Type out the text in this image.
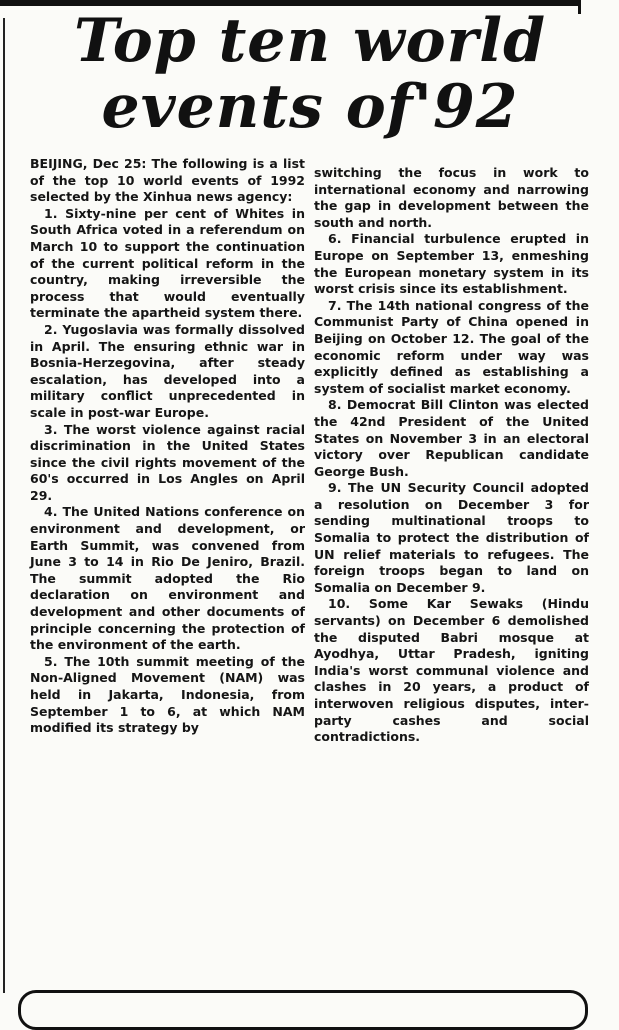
Top ten world
events of'92

BEIJING, Dec 25: The following is a list of the top 10 world events of 1992 selected by the Xinhua news agency:

1. Sixty-nine per cent of Whites in South Africa voted in a referendum on March 10 to support the continuation of the current political reform in the country, making irreversible the process that would eventually terminate the apartheid system there.

2. Yugoslavia was formally dissolved in April. The ensuring ethnic war in Bosnia-Herzegovina, after steady escalation, has developed into a military conflict unprecedented in scale in post-war Europe.

3. The worst violence against racial discrimination in the United States since the civil rights movement of the 60's occurred in Los Angles on April 29.

4. The United Nations conference on environment and development, or Earth Summit, was convened from June 3 to 14 in Rio De Jeniro, Brazil. The summit adopted the Rio declaration on environment and development and other documents of principle concerning the protection of the environment of the earth.

5. The 10th summit meeting of the Non-Aligned Movement (NAM) was held in Jakarta, Indonesia, from September 1 to 6, at which NAM modified its strategy by

switching the focus in work to international economy and narrowing the gap in development between the south and north.

6. Financial turbulence erupted in Europe on September 13, enmeshing the European monetary system in its worst crisis since its establishment.

7. The 14th national congress of the Communist Party of China opened in Beijing on October 12. The goal of the economic reform under way was explicitly defined as establishing a system of socialist market economy.

8. Democrat Bill Clinton was elected the 42nd President of the United States on November 3 in an electoral victory over Republican candidate George Bush.

9. The UN Security Council adopted a resolution on December 3 for sending multinational troops to Somalia to protect the distribution of UN relief materials to refugees. The foreign troops began to land on Somalia on December 9.

10. Some Kar Sewaks (Hindu servants) on December 6 demolished the disputed Babri mosque at Ayodhya, Uttar Pradesh, igniting India's worst communal violence and clashes in 20 years, a product of interwoven religious disputes, inter-party cashes and social contradictions.
